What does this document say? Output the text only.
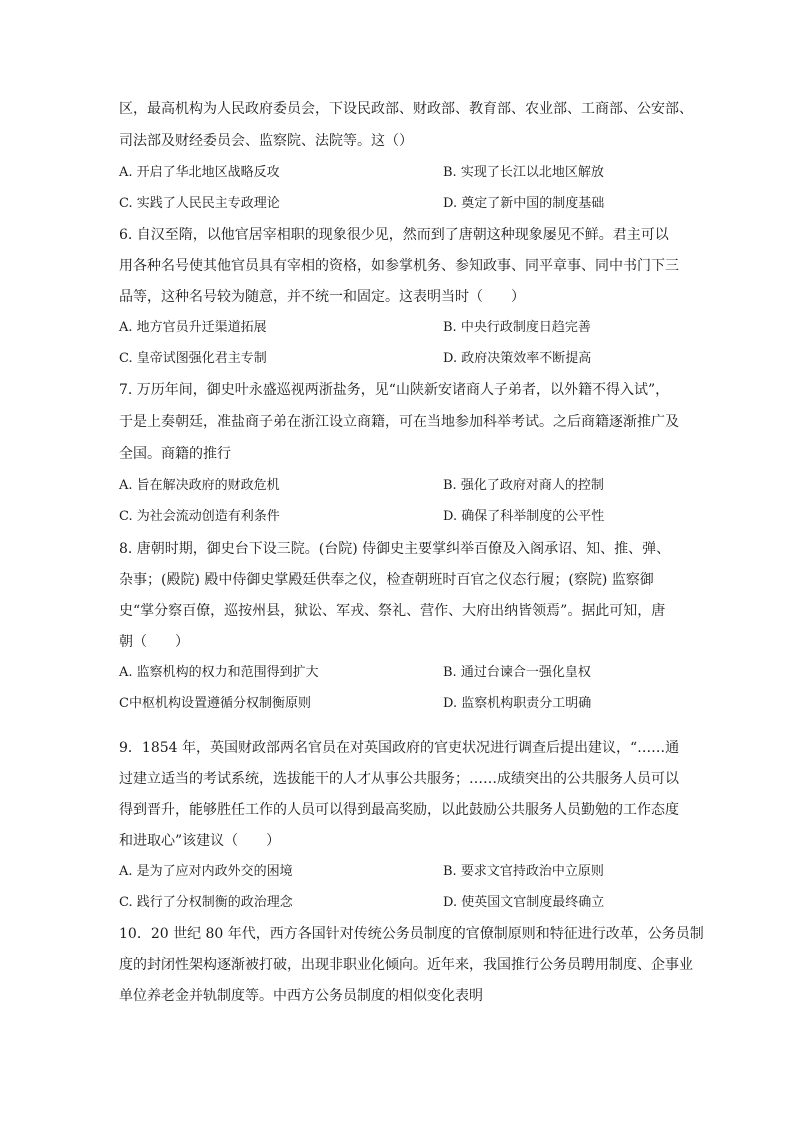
区，最高机构为人民政府委员会，下设民政部、财政部、教育部、农业部、工商部、公安部、
司法部及财经委员会、监察院、法院等。这（）
A. 开启了华北地区战略反攻	B. 实现了长江以北地区解放
C. 实践了人民民主专政理论	D. 奠定了新中国的制度基础
6. 自汉至隋，以他官居宰相职的现象很少见，然而到了唐朝这种现象屡见不鲜。君主可以
用各种名号使其他官员具有宰相的资格，如参掌机务、参知政事、同平章事、同中书门下三
品等，这种名号较为随意，并不统一和固定。这表明当时（　　）
A. 地方官员升迁渠道拓展	B. 中央行政制度日趋完善
C. 皇帝试图强化君主专制	D. 政府决策效率不断提高
7. 万历年间，御史叶永盛巡视两浙盐务，见“山陕新安诸商人子弟者，以外籍不得入试”，
于是上奏朝廷，准盐商子弟在浙江设立商籍，可在当地参加科举考试。之后商籍逐渐推广及
全国。商籍的推行
A. 旨在解决政府的财政危机	B. 强化了政府对商人的控制
C. 为社会流动创造有利条件	D. 确保了科举制度的公平性
8. 唐朝时期，御史台下设三院。(台院) 侍御史主要掌纠举百僚及入阁承诏、知、推、弹、
杂事；(殿院) 殿中侍御史掌殿廷供奉之仪，检查朝班时百官之仪态行履；(察院) 监察御
史“掌分察百僚，巡按州县，狱讼、军戎、祭礼、营作、大府出纳皆领焉”。据此可知，唐
朝（　　）
A. 监察机构的权力和范围得到扩大	B. 通过台谏合一强化皇权
C中枢机构设置遵循分权制衡原则	D. 监察机构职责分工明确
9．1854 年，英国财政部两名官员在对英国政府的官吏状况进行调查后提出建议，“……通
过建立适当的考试系统，选拔能干的人才从事公共服务；……成绩突出的公共服务人员可以
得到晋升，能够胜任工作的人员可以得到最高奖励，以此鼓励公共服务人员勤勉的工作态度
和进取心”该建议（　　）
A. 是为了应对内政外交的困境	B. 要求文官持政治中立原则
C. 践行了分权制衡的政治理念	D. 使英国文官制度最终确立
10．20 世纪 80 年代，西方各国针对传统公务员制度的官僚制原则和特征进行改革，公务员制
度的封闭性架构逐渐被打破，出现非职业化倾向。近年来，我国推行公务员聘用制度、企事业
单位养老金并轨制度等。中西方公务员制度的相似变化表明
